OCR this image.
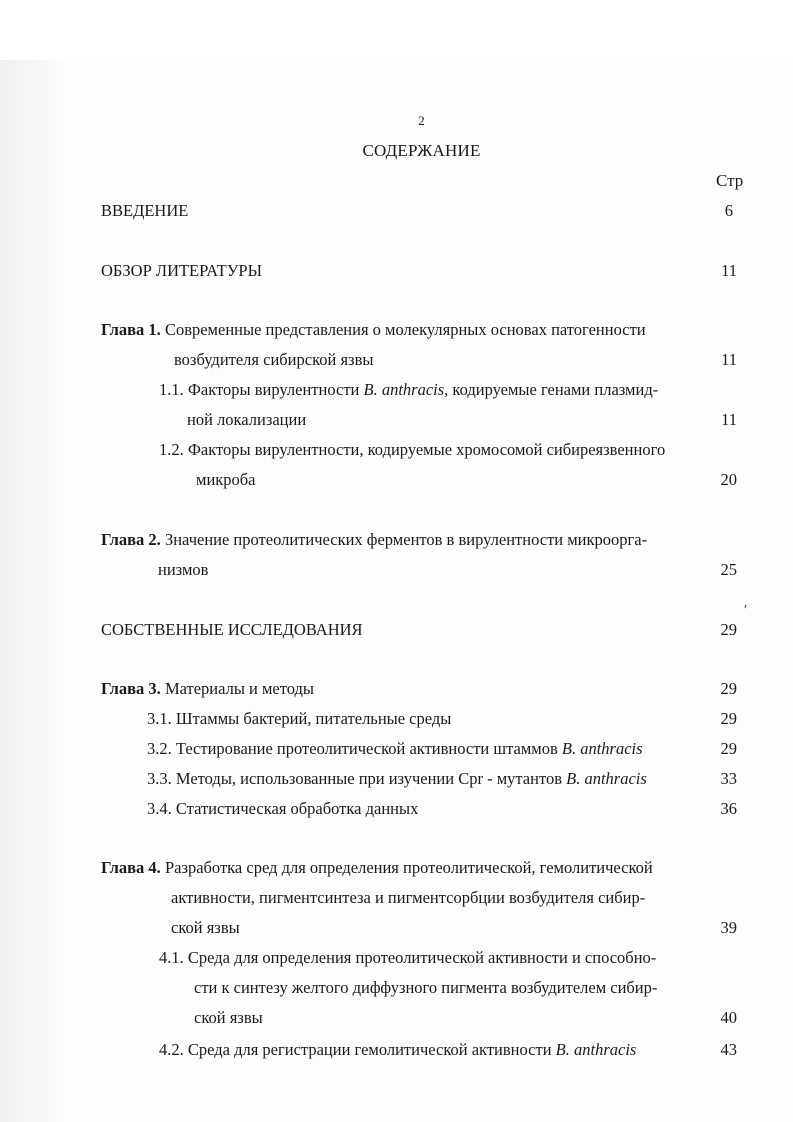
2
СОДЕРЖАНИЕ
Стр
ВВЕДЕНИЕ	6
ОБЗОР ЛИТЕРАТУРЫ	11
Глава 1. Современные представления о молекулярных основах патогенности
возбудителя сибирской язвы	11
1.1. Факторы вирулентности B. anthracis, кодируемые генами плазмид-
ной локализации	11
1.2. Факторы вирулентности, кодируемые хромосомой сибиреязвенного
микроба	20
Глава 2. Значение протеолитических ферментов в вирулентности микроорга-
низмов	25
СОБСТВЕННЫЕ ИССЛЕДОВАНИЯ	29
′
Глава 3. Материалы и методы	29
3.1. Штаммы бактерий, питательные среды	29
3.2. Тестирование протеолитической активности штаммов B. anthracis	29
3.3. Методы, использованные при изучении Cpr - мутантов B. anthracis	33
3.4. Статистическая обработка данных	36
Глава 4. Разработка сред для определения протеолитической, гемолитической
активности, пигментсинтеза и пигментсорбции возбудителя сибир-
ской язвы	39
4.1. Среда для определения протеолитической активности и способно-
сти к синтезу желтого диффузного пигмента возбудителем сибир-
ской язвы	40
4.2. Среда для регистрации гемолитической активности B. anthracis	43
